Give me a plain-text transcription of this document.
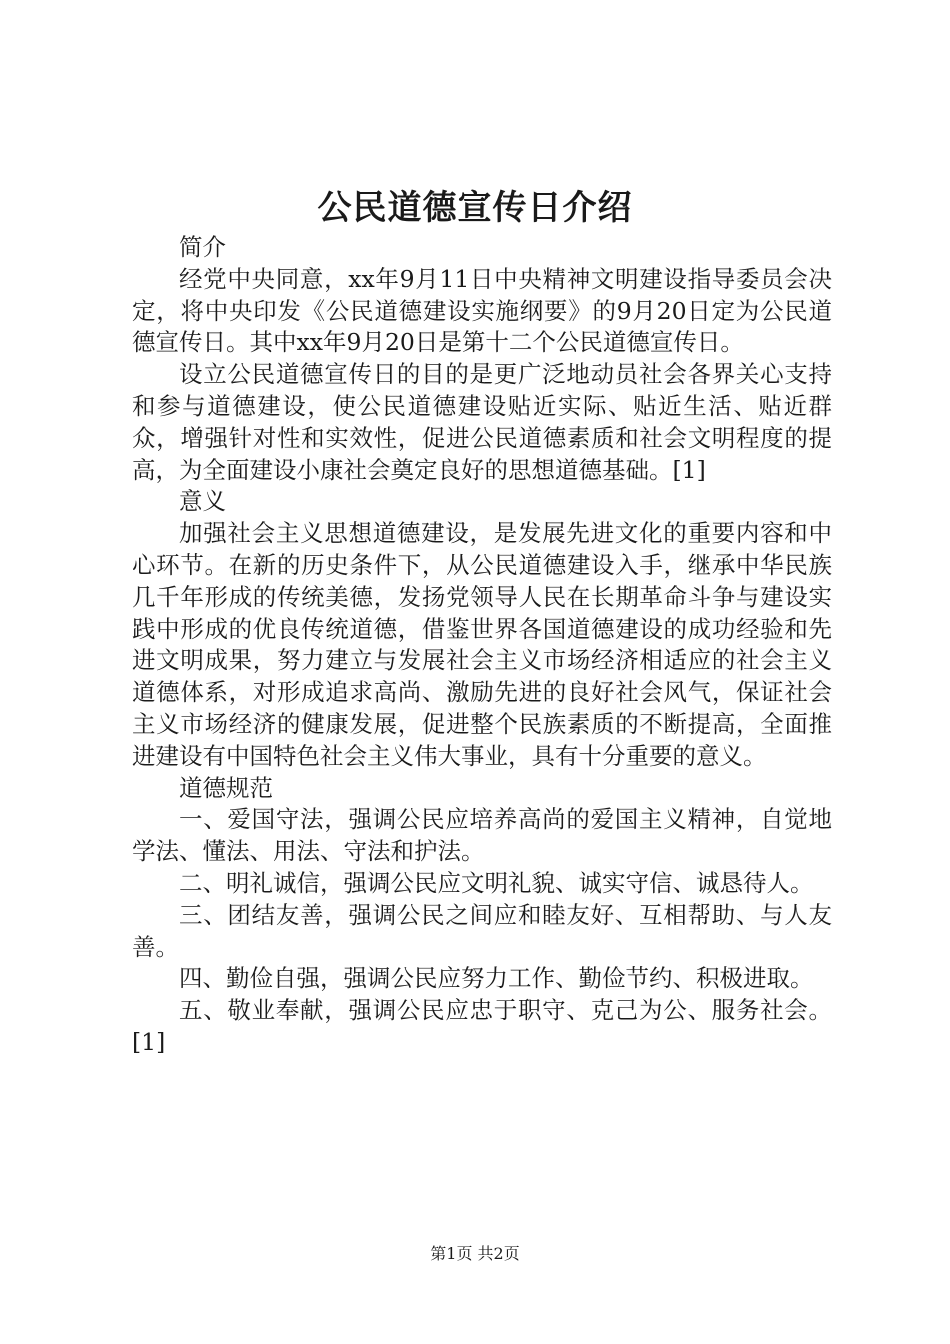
公民道德宣传日介绍

简介

经党中央同意，xx年9月11日中央精神文明建设指导委员会决定，将中央印发《公民道德建设实施纲要》的9月20日定为公民道德宣传日。其中xx年9月20日是第十二个公民道德宣传日。

设立公民道德宣传日的目的是更广泛地动员社会各界关心支持和参与道德建设，使公民道德建设贴近实际、贴近生活、贴近群众，增强针对性和实效性，促进公民道德素质和社会文明程度的提高，为全面建设小康社会奠定良好的思想道德基础。[1]

意义

加强社会主义思想道德建设，是发展先进文化的重要内容和中心环节。在新的历史条件下，从公民道德建设入手，继承中华民族几千年形成的传统美德，发扬党领导人民在长期革命斗争与建设实践中形成的优良传统道德，借鉴世界各国道德建设的成功经验和先进文明成果，努力建立与发展社会主义市场经济相适应的社会主义道德体系，对形成追求高尚、激励先进的良好社会风气，保证社会主义市场经济的健康发展，促进整个民族素质的不断提高，全面推进建设有中国特色社会主义伟大事业，具有十分重要的意义。

道德规范

一、爱国守法，强调公民应培养高尚的爱国主义精神，自觉地学法、懂法、用法、守法和护法。

二、明礼诚信，强调公民应文明礼貌、诚实守信、诚恳待人。

三、团结友善，强调公民之间应和睦友好、互相帮助、与人友善。

四、勤俭自强，强调公民应努力工作、勤俭节约、积极进取。

五、敬业奉献，强调公民应忠于职守、克己为公、服务社会。[1]

第1页 共2页
